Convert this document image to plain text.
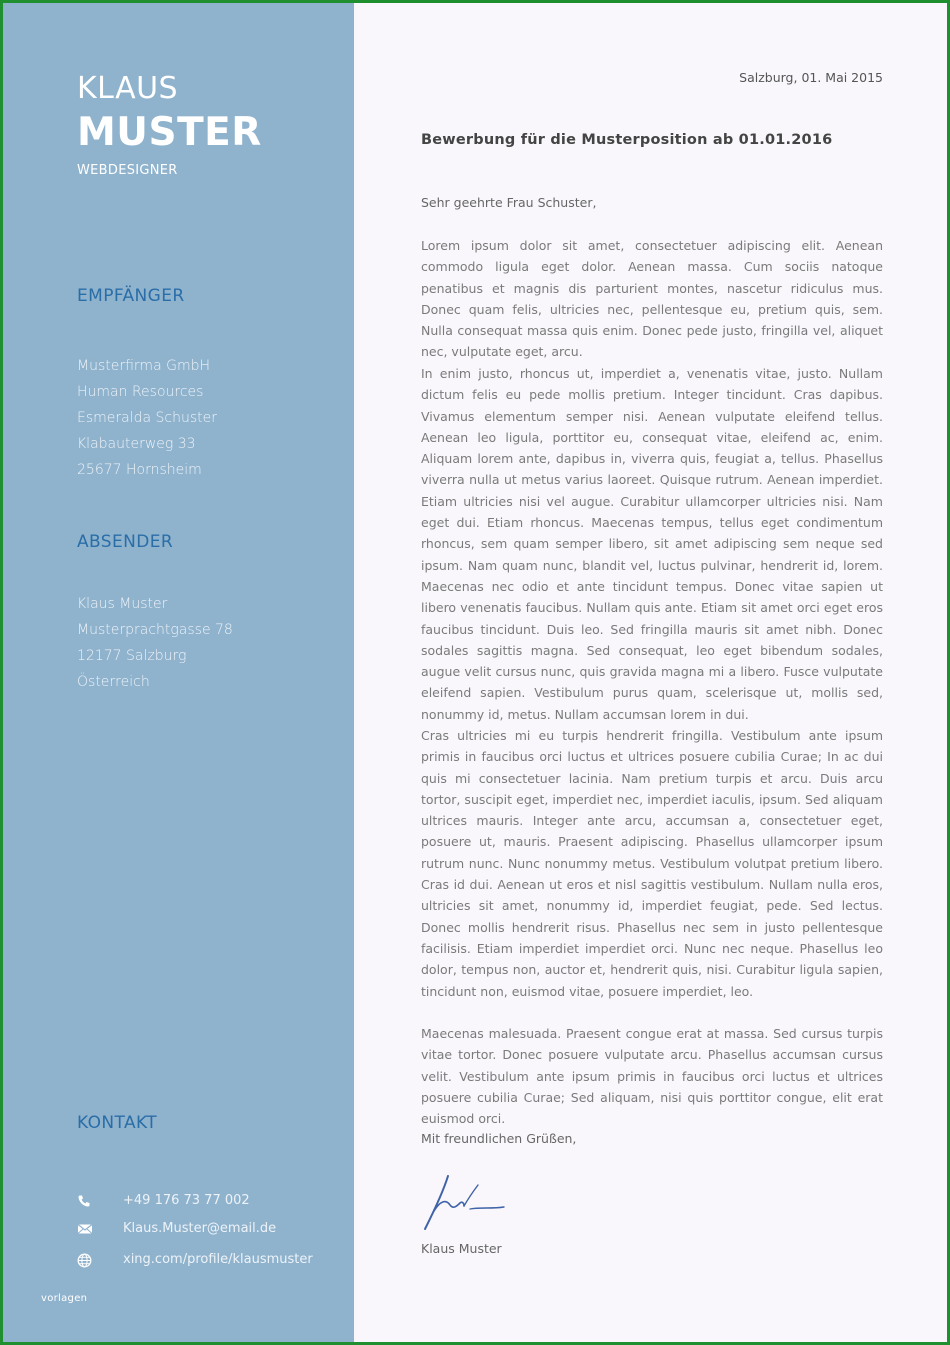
KLAUS
MUSTER
WEBDESIGNER
EMPFÄNGER
Musterfirma GmbH
Human Resources
Esmeralda Schuster
Klabauterweg 33
25677 Hornsheim
ABSENDER
Klaus Muster
Musterprachtgasse 78
12177 Salzburg
Österreich
KONTAKT
+49 176 73 77 002
Klaus.Muster@email.de
xing.com/profile/klausmuster
vorlagen
Salzburg, 01. Mai 2015
Bewerbung für die Musterposition ab 01.01.2016
Sehr geehrte Frau Schuster,

Lorem ipsum dolor sit amet, consectetuer adipiscing elit. Aenean commodo ligula eget dolor. Aenean massa. Cum sociis natoque penatibus et magnis dis parturient montes, nascetur ridiculus mus. Donec quam felis, ultricies nec, pellentesque eu, pretium quis, sem. Nulla consequat massa quis enim. Donec pede justo, fringilla vel, aliquet nec, vulputate eget, arcu.

In enim justo, rhoncus ut, imperdiet a, venenatis vitae, justo. Nullam dictum felis eu pede mollis pretium. Integer tincidunt. Cras dapibus. Vivamus elementum semper nisi. Aenean vulputate eleifend tellus. Aenean leo ligula, porttitor eu, consequat vitae, eleifend ac, enim. Aliquam lorem ante, dapibus in, viverra quis, feugiat a, tellus. Phasellus viverra nulla ut metus varius laoreet. Quisque rutrum. Aenean imperdiet. Etiam ultricies nisi vel augue. Curabitur ullamcorper ultricies nisi. Nam eget dui. Etiam rhoncus. Maecenas tempus, tellus eget condimentum rhoncus, sem quam semper libero, sit amet adipiscing sem neque sed ipsum. Nam quam nunc, blandit vel, luctus pulvinar, hendrerit id, lorem. Maecenas nec odio et ante tincidunt tempus. Donec vitae sapien ut libero venenatis faucibus. Nullam quis ante. Etiam sit amet orci eget eros faucibus tincidunt. Duis leo. Sed fringilla mauris sit amet nibh. Donec sodales sagittis magna. Sed consequat, leo eget bibendum sodales, augue velit cursus nunc, quis gravida magna mi a libero. Fusce vulputate eleifend sapien. Vestibulum purus quam, scelerisque ut, mollis sed, nonummy id, metus. Nullam accumsan lorem in dui.

Cras ultricies mi eu turpis hendrerit fringilla. Vestibulum ante ipsum primis in faucibus orci luctus et ultrices posuere cubilia Curae; In ac dui quis mi consectetuer lacinia. Nam pretium turpis et arcu. Duis arcu tortor, suscipit eget, imperdiet nec, imperdiet iaculis, ipsum. Sed aliquam ultrices mauris. Integer ante arcu, accumsan a, consectetuer eget, posuere ut, mauris. Praesent adipiscing. Phasellus ullamcorper ipsum rutrum nunc. Nunc nonummy metus. Vestibulum volutpat pretium libero. Cras id dui. Aenean ut eros et nisl sagittis vestibulum. Nullam nulla eros, ultricies sit amet, nonummy id, imperdiet feugiat, pede. Sed lectus. Donec mollis hendrerit risus. Phasellus nec sem in justo pellentesque facilisis. Etiam imperdiet imperdiet orci. Nunc nec neque. Phasellus leo dolor, tempus non, auctor et, hendrerit quis, nisi. Curabitur ligula sapien, tincidunt non, euismod vitae, posuere imperdiet, leo.

Maecenas malesuada. Praesent congue erat at massa. Sed cursus turpis vitae tortor. Donec posuere vulputate arcu. Phasellus accumsan cursus velit. Vestibulum ante ipsum primis in faucibus orci luctus et ultrices posuere cubilia Curae; Sed aliquam, nisi quis porttitor congue, elit erat euismod orci.

Mit freundlichen Grüßen,
Klaus Muster
